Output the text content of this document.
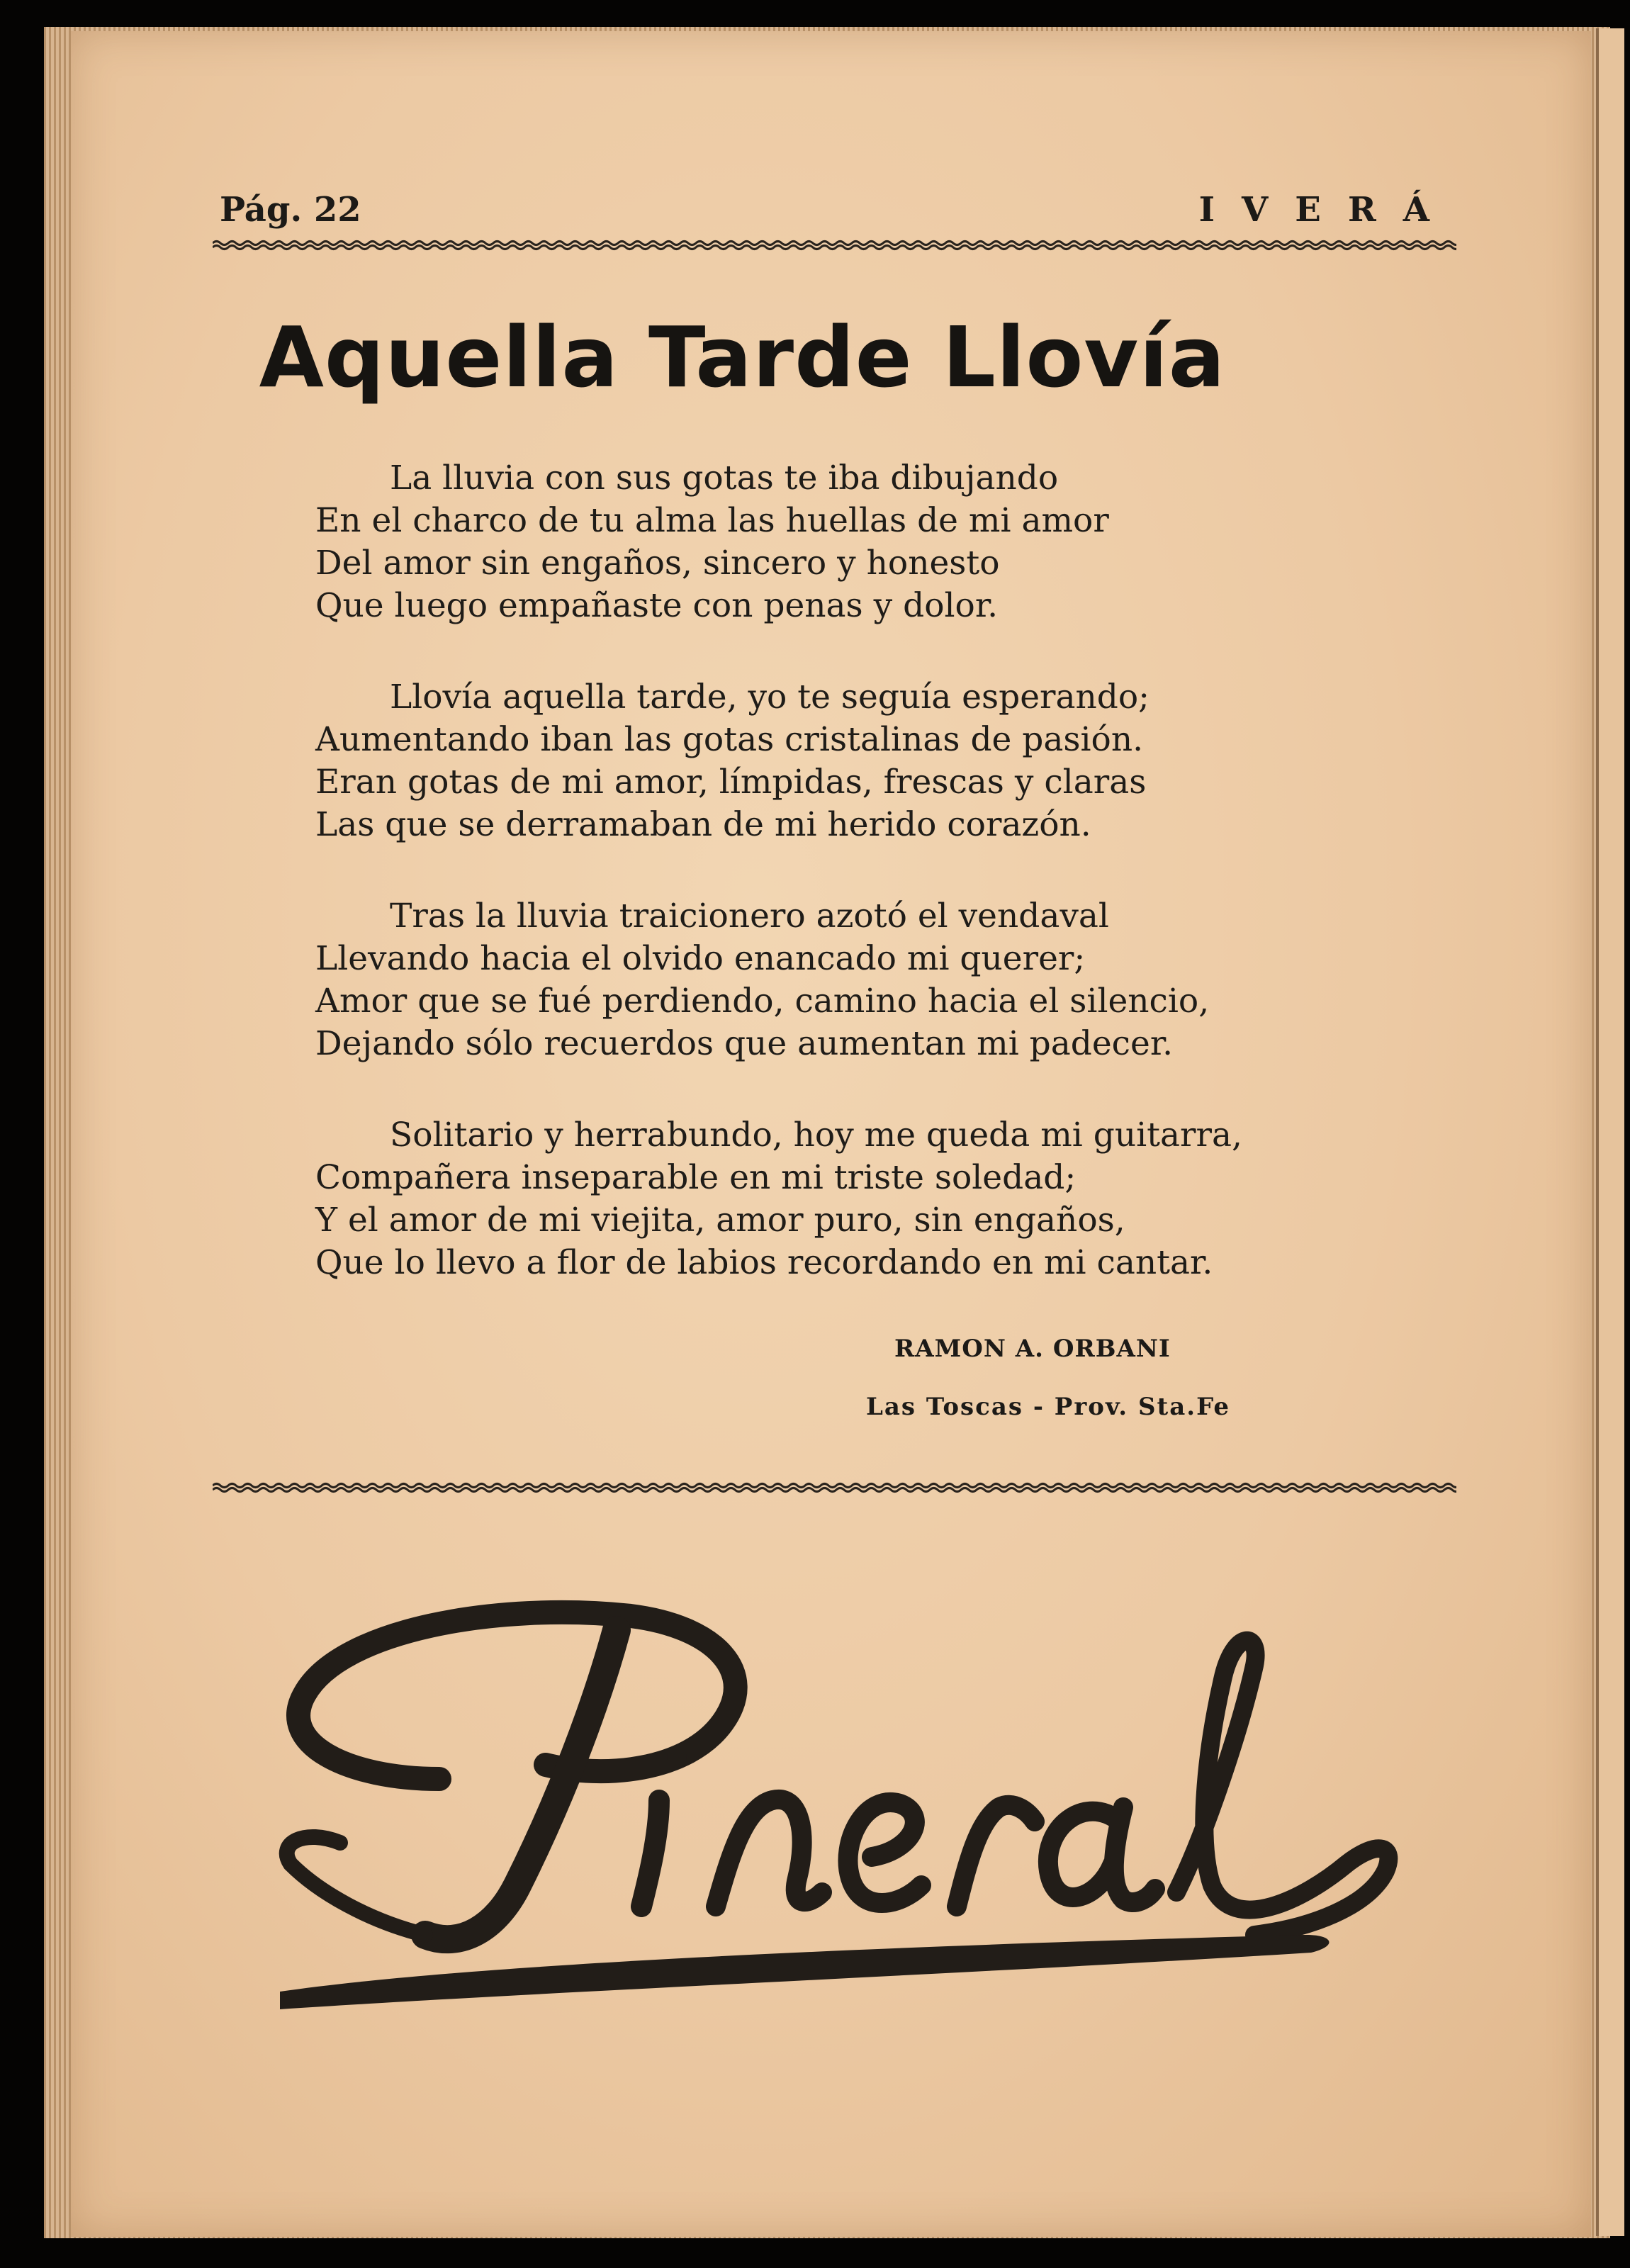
Pág. 22	IVERÁ
Aquella Tarde Llovía
La lluvia con sus gotas te iba dibujando
En el charco de tu alma las huellas de mi amor
Del amor sin engaños, sincero y honesto
Que luego empañaste con penas y dolor.
Llovía aquella tarde, yo te seguía esperando;
Aumentando iban las gotas cristalinas de pasión.
Eran gotas de mi amor, límpidas, frescas y claras
Las que se derramaban de mi herido corazón.
Tras la lluvia traicionero azotó el vendaval
Llevando hacia el olvido enancado mi querer;
Amor que se fué perdiendo, camino hacia el silencio,
Dejando sólo recuerdos que aumentan mi padecer.
Solitario y herrabundo, hoy me queda mi guitarra,
Compañera inseparable en mi triste soledad;
Y el amor de mi viejita, amor puro, sin engaños,
Que lo llevo a flor de labios recordando en mi cantar.
RAMON A. ORBANI
Las Toscas - Prov. Sta.Fe
